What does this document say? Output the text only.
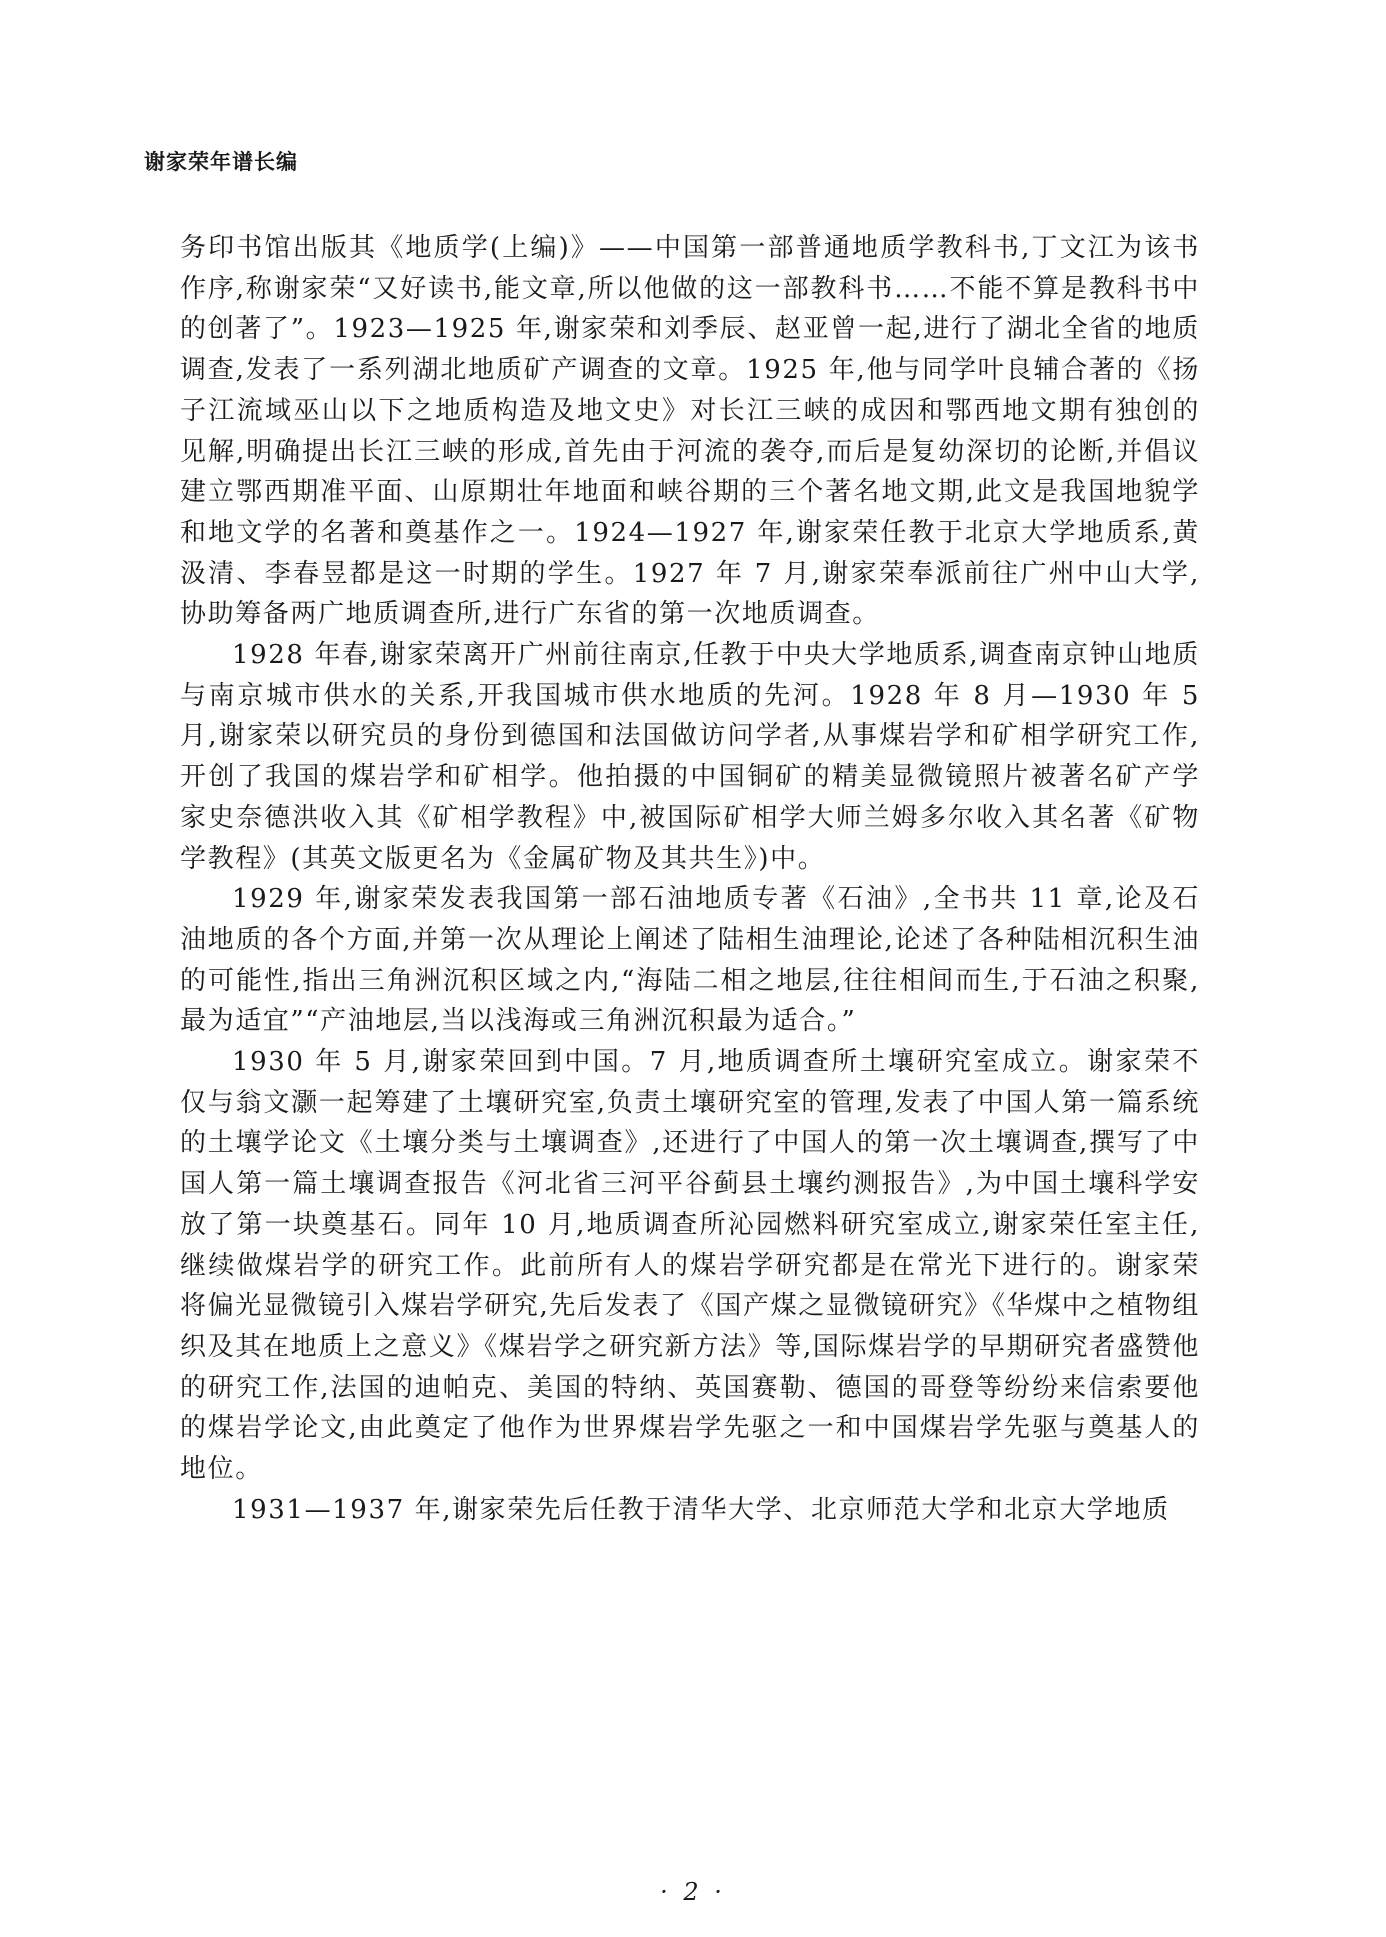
谢家荣年谱长编

务印书馆出版其《地质学(上编)》——中国第一部普通地质学教科书,丁文江为该书作序,称谢家荣“又好读书,能文章,所以他做的这一部教科书……不能不算是教科书中的创著了”。1923—1925 年,谢家荣和刘季辰、赵亚曾一起,进行了湖北全省的地质调查,发表了一系列湖北地质矿产调查的文章。1925 年,他与同学叶良辅合著的《扬子江流域巫山以下之地质构造及地文史》对长江三峡的成因和鄂西地文期有独创的见解,明确提出长江三峡的形成,首先由于河流的袭夺,而后是复幼深切的论断,并倡议建立鄂西期准平面、山原期壮年地面和峡谷期的三个著名地文期,此文是我国地貌学和地文学的名著和奠基作之一。1924—1927 年,谢家荣任教于北京大学地质系,黄汲清、李春昱都是这一时期的学生。1927 年 7 月,谢家荣奉派前往广州中山大学,协助筹备两广地质调查所,进行广东省的第一次地质调查。

1928 年春,谢家荣离开广州前往南京,任教于中央大学地质系,调查南京钟山地质与南京城市供水的关系,开我国城市供水地质的先河。1928 年 8 月—1930 年 5 月,谢家荣以研究员的身份到德国和法国做访问学者,从事煤岩学和矿相学研究工作,开创了我国的煤岩学和矿相学。他拍摄的中国铜矿的精美显微镜照片被著名矿产学家史奈德洪收入其《矿相学教程》中,被国际矿相学大师兰姆多尔收入其名著《矿物学教程》(其英文版更名为《金属矿物及其共生》)中。

1929 年,谢家荣发表我国第一部石油地质专著《石油》,全书共 11 章,论及石油地质的各个方面,并第一次从理论上阐述了陆相生油理论,论述了各种陆相沉积生油的可能性,指出三角洲沉积区域之内,“海陆二相之地层,往往相间而生,于石油之积聚,最为适宜”“产油地层,当以浅海或三角洲沉积最为适合。”

1930 年 5 月,谢家荣回到中国。7 月,地质调查所土壤研究室成立。谢家荣不仅与翁文灏一起筹建了土壤研究室,负责土壤研究室的管理,发表了中国人第一篇系统的土壤学论文《土壤分类与土壤调查》,还进行了中国人的第一次土壤调查,撰写了中国人第一篇土壤调查报告《河北省三河平谷蓟县土壤约测报告》,为中国土壤科学安放了第一块奠基石。同年 10 月,地质调查所沁园燃料研究室成立,谢家荣任室主任,继续做煤岩学的研究工作。此前所有人的煤岩学研究都是在常光下进行的。谢家荣将偏光显微镜引入煤岩学研究,先后发表了《国产煤之显微镜研究》《华煤中之植物组织及其在地质上之意义》《煤岩学之研究新方法》等,国际煤岩学的早期研究者盛赞他的研究工作,法国的迪帕克、美国的特纳、英国赛勒、德国的哥登等纷纷来信索要他的煤岩学论文,由此奠定了他作为世界煤岩学先驱之一和中国煤岩学先驱与奠基人的地位。

1931—1937 年,谢家荣先后任教于清华大学、北京师范大学和北京大学地质

· 2 ·
